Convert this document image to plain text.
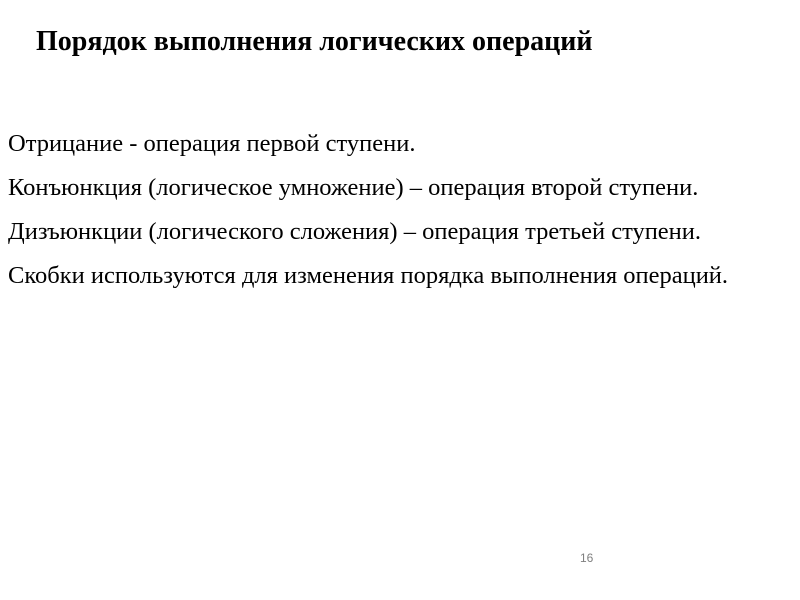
Порядок выполнения логических операций

Отрицание - операция первой ступени.

Конъюнкция (логическое умножение) – операция второй ступени.

Дизъюнкции (логического сложения) – операция третьей ступени.

Скобки используются для изменения порядка выполнения операций.

16
